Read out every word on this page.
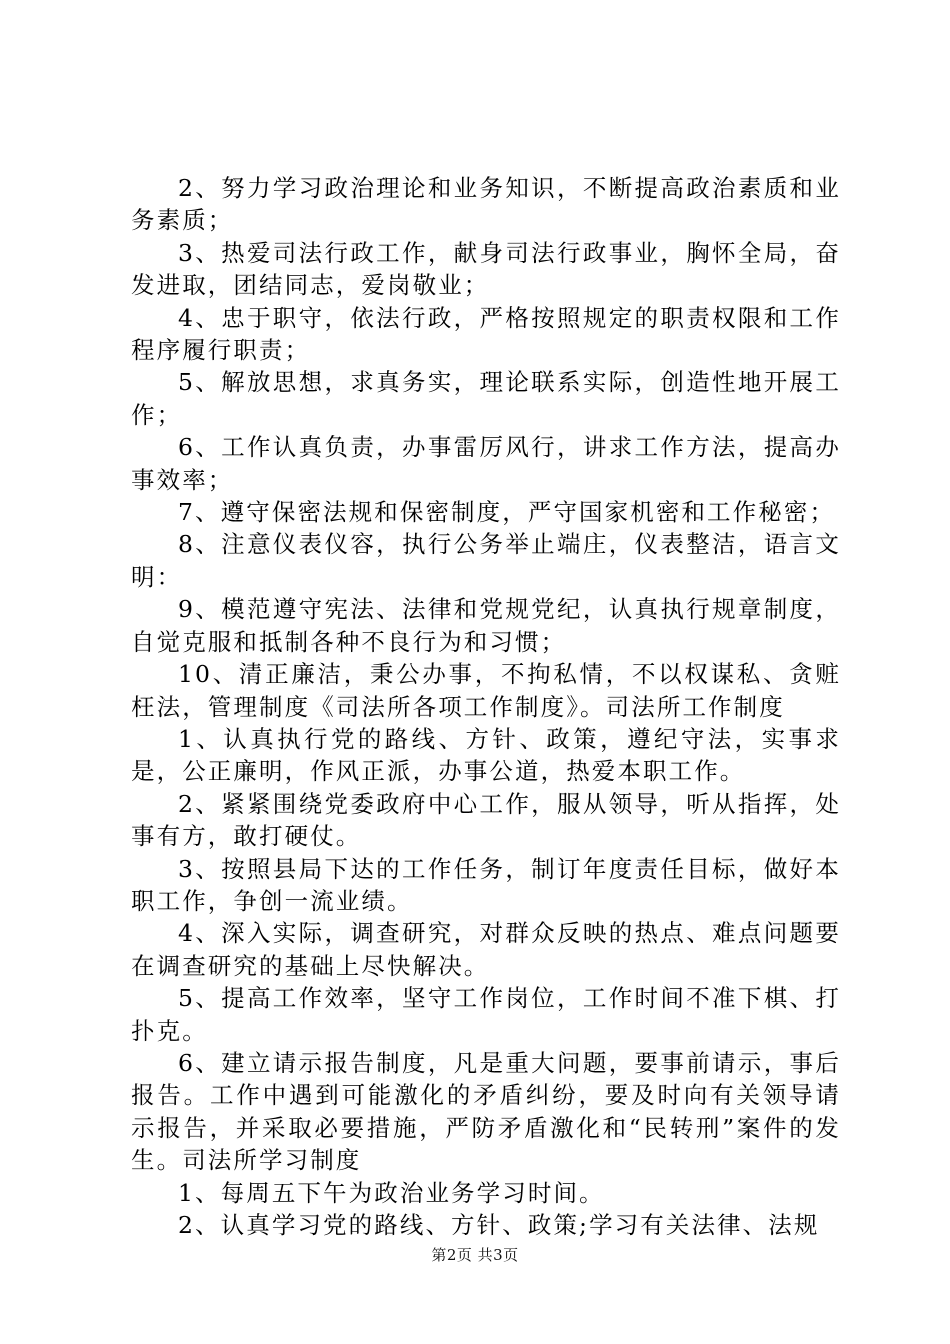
2、努力学习政治理论和业务知识，不断提高政治素质和业务素质；

3、热爱司法行政工作，献身司法行政事业，胸怀全局，奋发进取，团结同志，爱岗敬业；

4、忠于职守，依法行政，严格按照规定的职责权限和工作程序履行职责；

5、解放思想，求真务实，理论联系实际，创造性地开展工作；

6、工作认真负责，办事雷厉风行，讲求工作方法，提高办事效率；

7、遵守保密法规和保密制度，严守国家机密和工作秘密；

8、注意仪表仪容，执行公务举止端庄，仪表整洁，语言文明：

9、模范遵守宪法、法律和党规党纪，认真执行规章制度，自觉克服和抵制各种不良行为和习惯；

10、清正廉洁，秉公办事，不拘私情，不以权谋私、贪赃枉法，管理制度《司法所各项工作制度》。司法所工作制度

1、认真执行党的路线、方针、政策，遵纪守法，实事求是，公正廉明，作风正派，办事公道，热爱本职工作。

2、紧紧围绕党委政府中心工作，服从领导，听从指挥，处事有方，敢打硬仗。

3、按照县局下达的工作任务，制订年度责任目标，做好本职工作，争创一流业绩。

4、深入实际，调查研究，对群众反映的热点、难点问题要在调查研究的基础上尽快解决。

5、提高工作效率，坚守工作岗位，工作时间不准下棋、打扑克。

6、建立请示报告制度，凡是重大问题，要事前请示，事后报告。工作中遇到可能激化的矛盾纠纷，要及时向有关领导请示报告，并采取必要措施，严防矛盾激化和“民转刑”案件的发生。司法所学习制度

1、每周五下午为政治业务学习时间。

2、认真学习党的路线、方针、政策;学习有关法律、法规

第2页 共3页
